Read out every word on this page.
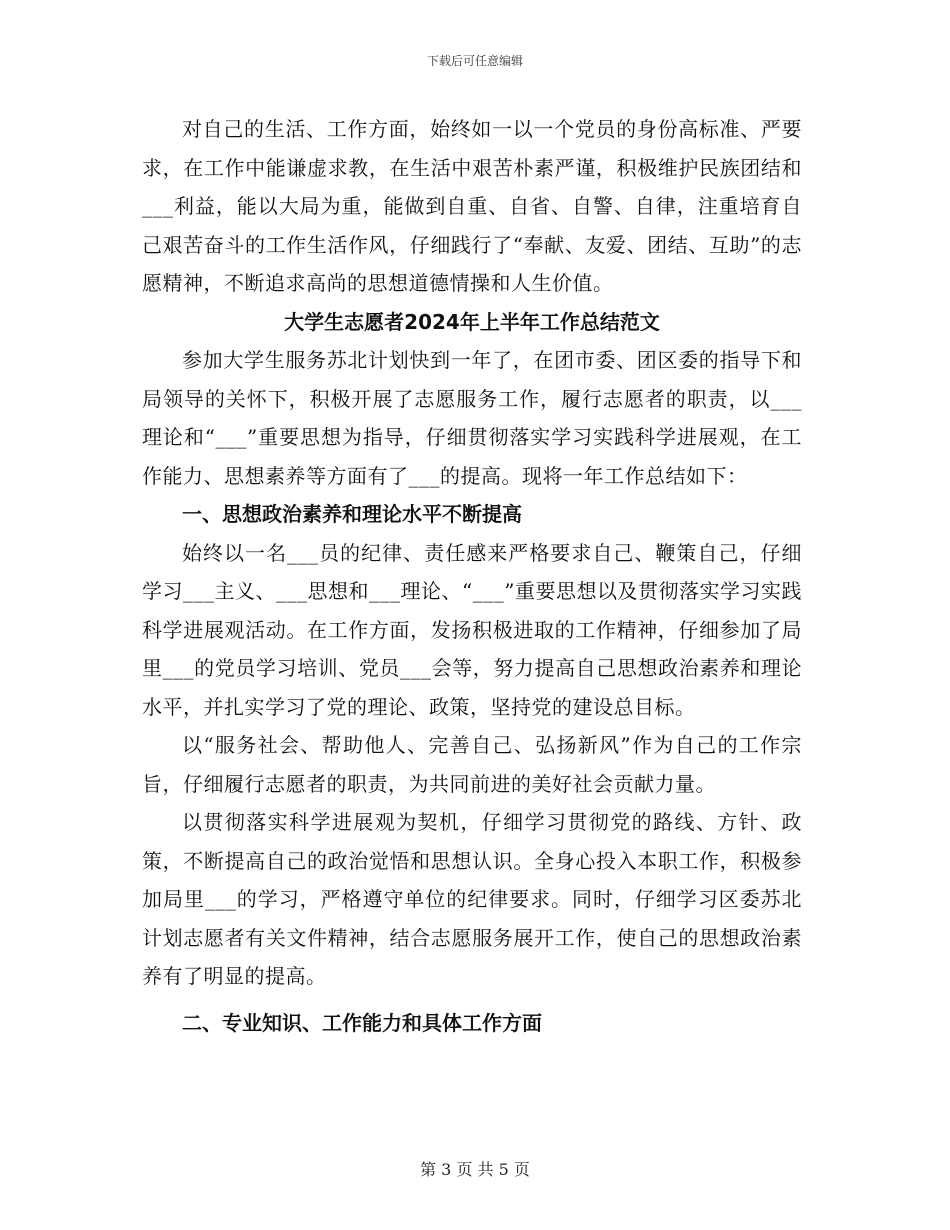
下载后可任意编辑

对自己的生活、工作方面，始终如一以一个党员的身份高标准、严要求，在工作中能谦虚求教，在生活中艰苦朴素严谨，积极维护民族团结和___利益，能以大局为重，能做到自重、自省、自警、自律，注重培育自己艰苦奋斗的工作生活作风，仔细践行了“奉献、友爱、团结、互助”的志愿精神，不断追求高尚的思想道德情操和人生价值。

大学生志愿者2024年上半年工作总结范文

参加大学生服务苏北计划快到一年了，在团市委、团区委的指导下和局领导的关怀下，积极开展了志愿服务工作，履行志愿者的职责，以___理论和“___”重要思想为指导，仔细贯彻落实学习实践科学进展观，在工作能力、思想素养等方面有了___的提高。现将一年工作总结如下：

一、思想政治素养和理论水平不断提高

始终以一名___员的纪律、责任感来严格要求自己、鞭策自己，仔细学习___主义、___思想和___理论、“___”重要思想以及贯彻落实学习实践科学进展观活动。在工作方面，发扬积极进取的工作精神，仔细参加了局里___的党员学习培训、党员___会等，努力提高自己思想政治素养和理论水平，并扎实学习了党的理论、政策，坚持党的建设总目标。

以“服务社会、帮助他人、完善自己、弘扬新风”作为自己的工作宗旨，仔细履行志愿者的职责，为共同前进的美好社会贡献力量。

以贯彻落实科学进展观为契机，仔细学习贯彻党的路线、方针、政策，不断提高自己的政治觉悟和思想认识。全身心投入本职工作，积极参加局里___的学习，严格遵守单位的纪律要求。同时，仔细学习区委苏北计划志愿者有关文件精神，结合志愿服务展开工作，使自己的思想政治素养有了明显的提高。

二、专业知识、工作能力和具体工作方面

第 3 页 共 5 页
